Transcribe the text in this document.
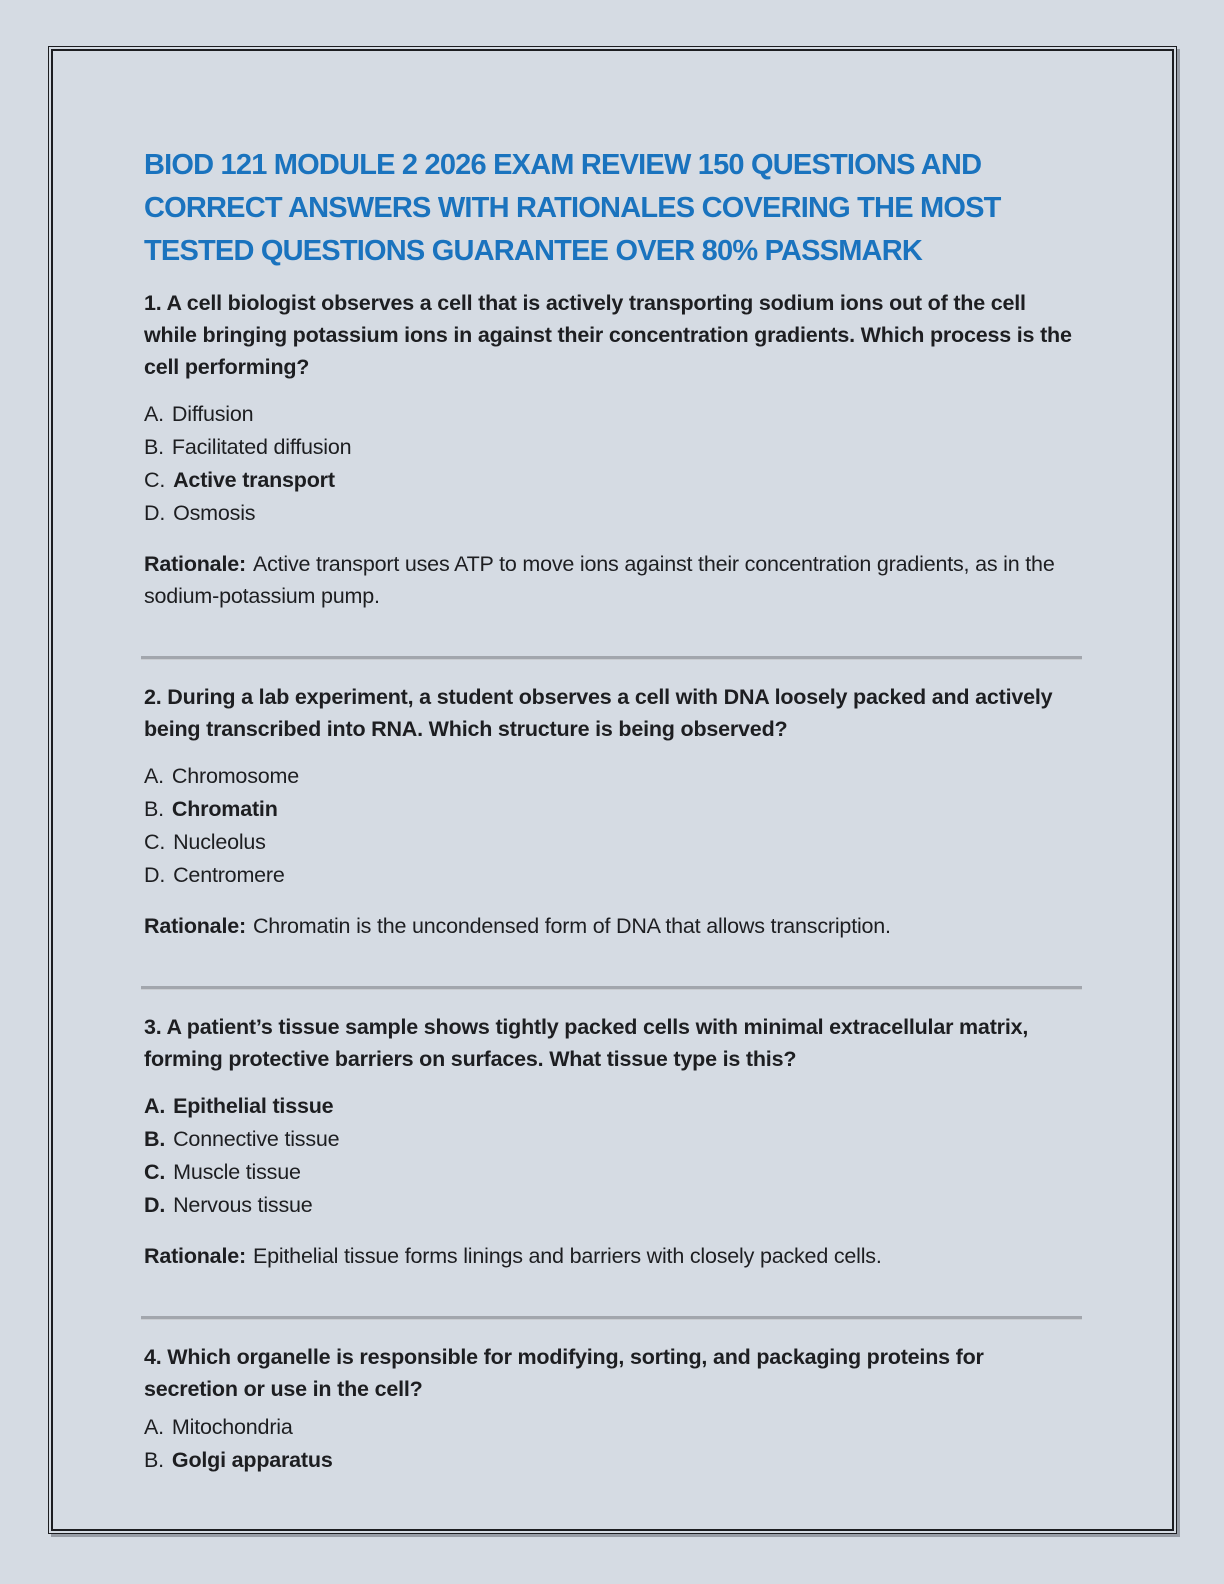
BIOD 121 MODULE 2 2026 EXAM REVIEW 150 QUESTIONS AND CORRECT ANSWERS WITH RATIONALES COVERING THE MOST TESTED QUESTIONS GUARANTEE OVER 80% PASSMARK

1. A cell biologist observes a cell that is actively transporting sodium ions out of the cell while bringing potassium ions in against their concentration gradients. Which process is the cell performing?

A. Diffusion
B. Facilitated diffusion
C. Active transport
D. Osmosis

Rationale: Active transport uses ATP to move ions against their concentration gradients, as in the sodium-potassium pump.

2. During a lab experiment, a student observes a cell with DNA loosely packed and actively being transcribed into RNA. Which structure is being observed?

A. Chromosome
B. Chromatin
C. Nucleolus
D. Centromere

Rationale: Chromatin is the uncondensed form of DNA that allows transcription.

3. A patient’s tissue sample shows tightly packed cells with minimal extracellular matrix, forming protective barriers on surfaces. What tissue type is this?

A. Epithelial tissue
B. Connective tissue
C. Muscle tissue
D. Nervous tissue

Rationale: Epithelial tissue forms linings and barriers with closely packed cells.

4. Which organelle is responsible for modifying, sorting, and packaging proteins for secretion or use in the cell?

A. Mitochondria
B. Golgi apparatus
